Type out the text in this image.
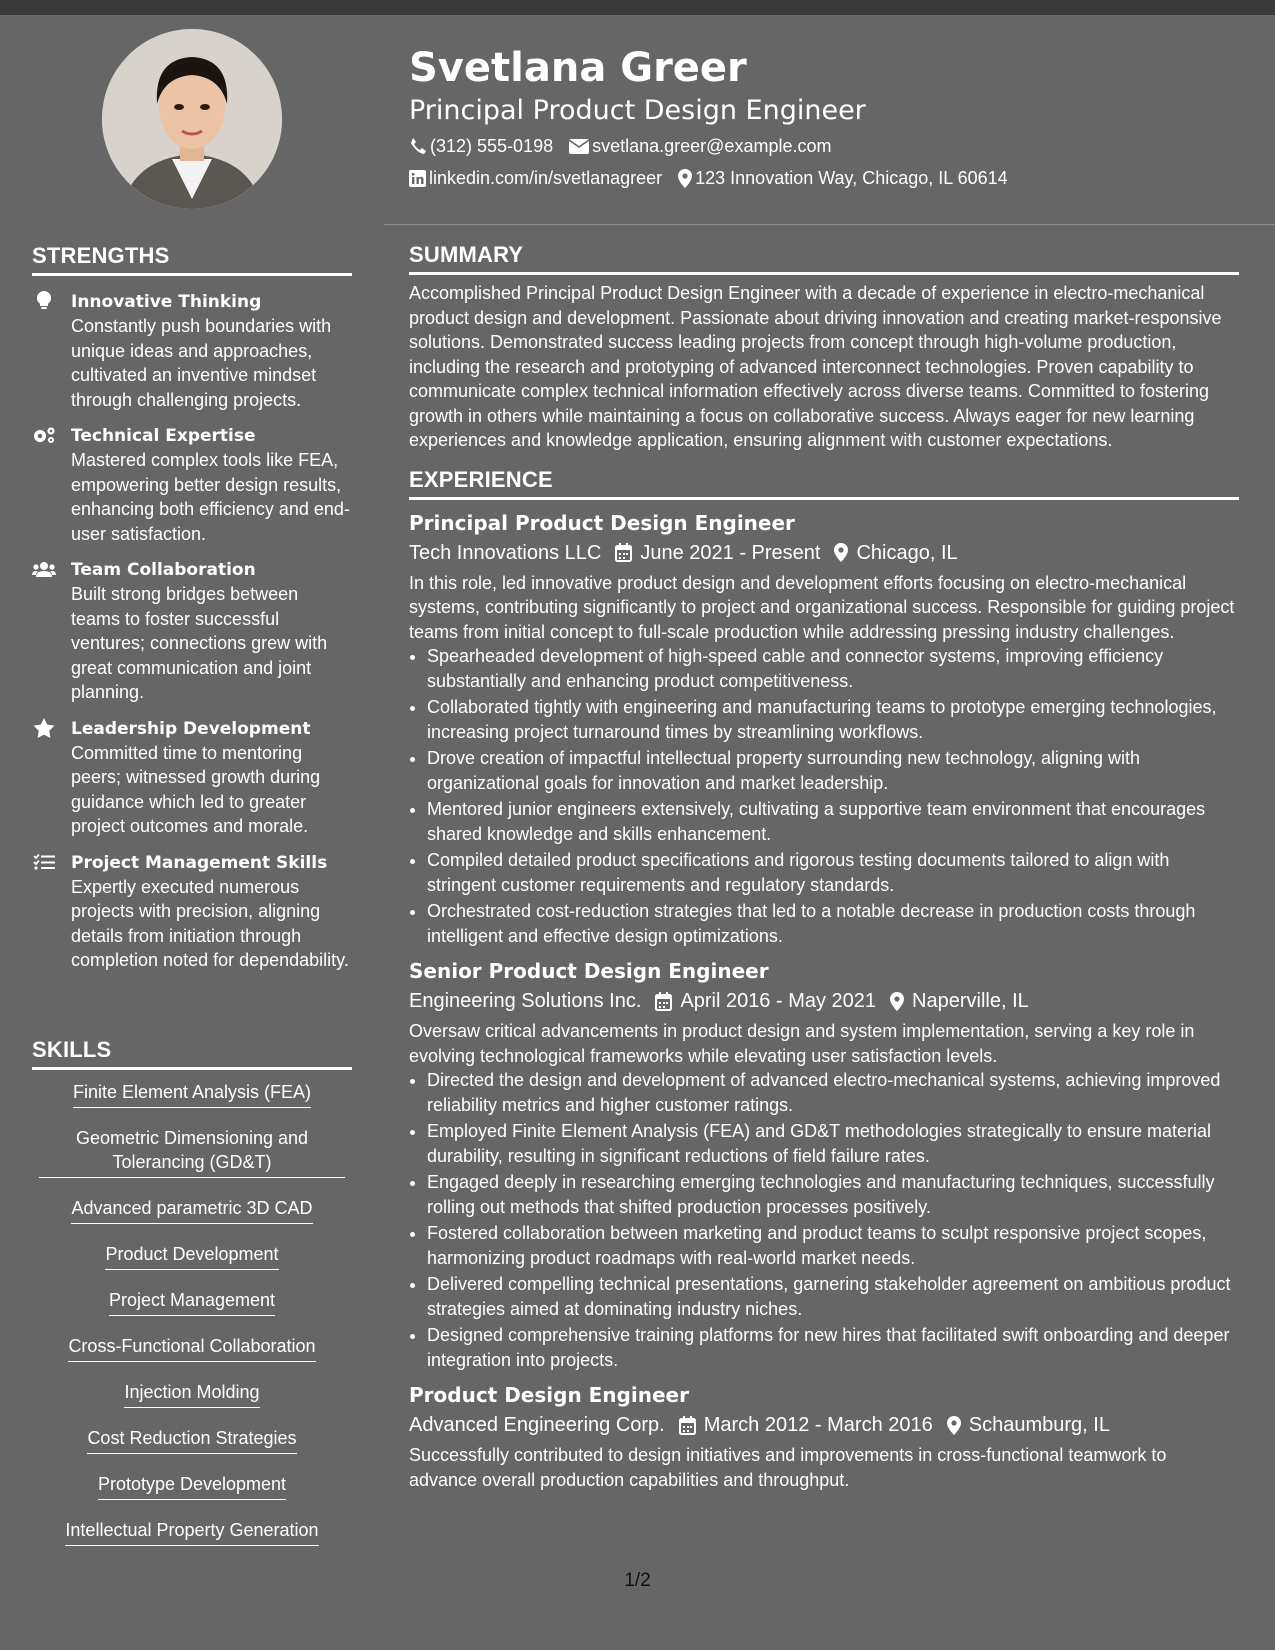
STRENGTHS
Innovative Thinking
Constantly push boundaries with unique ideas and approaches, cultivated an inventive mindset through challenging projects.
Technical Expertise
Mastered complex tools like FEA, empowering better design results, enhancing both efficiency and end-user satisfaction.
Team Collaboration
Built strong bridges between teams to foster successful ventures; connections grew with great communication and joint planning.
Leadership Development
Committed time to mentoring peers; witnessed growth during guidance which led to greater project outcomes and morale.
Project Management Skills
Expertly executed numerous projects with precision, aligning details from initiation through completion noted for dependability.
SKILLS
Finite Element Analysis (FEA)
Geometric Dimensioning and Tolerancing (GD&T)
Advanced parametric 3D CAD
Product Development
Project Management
Cross-Functional Collaboration
Injection Molding
Cost Reduction Strategies
Prototype Development
Intellectual Property Generation
Svetlana Greer
Principal Product Design Engineer
(312) 555-0198 svetlana.greer@example.com
linkedin.com/in/svetlanagreer 123 Innovation Way, Chicago, IL 60614
SUMMARY

Accomplished Principal Product Design Engineer with a decade of experience in electro-mechanical product design and development. Passionate about driving innovation and creating market-responsive solutions. Demonstrated success leading projects from concept through high-volume production, including the research and prototyping of advanced interconnect technologies. Proven capability to communicate complex technical information effectively across diverse teams. Committed to fostering growth in others while maintaining a focus on collaborative success. Always eager for new learning experiences and knowledge application, ensuring alignment with customer expectations.

EXPERIENCE
Principal Product Design Engineer
Tech Innovations LLC June 2021 - Present Chicago, IL

In this role, led innovative product design and development efforts focusing on electro-mechanical systems, contributing significantly to project and organizational success. Responsible for guiding project teams from initial concept to full-scale production while addressing pressing industry challenges.

• Spearheaded development of high-speed cable and connector systems, improving efficiency substantially and enhancing product competitiveness.
• Collaborated tightly with engineering and manufacturing teams to prototype emerging technologies, increasing project turnaround times by streamlining workflows.
• Drove creation of impactful intellectual property surrounding new technology, aligning with organizational goals for innovation and market leadership.
• Mentored junior engineers extensively, cultivating a supportive team environment that encourages shared knowledge and skills enhancement.
• Compiled detailed product specifications and rigorous testing documents tailored to align with stringent customer requirements and regulatory standards.
• Orchestrated cost-reduction strategies that led to a notable decrease in production costs through intelligent and effective design optimizations.
Senior Product Design Engineer
Engineering Solutions Inc. April 2016 - May 2021 Naperville, IL

Oversaw critical advancements in product design and system implementation, serving a key role in evolving technological frameworks while elevating user satisfaction levels.

• Directed the design and development of advanced electro-mechanical systems, achieving improved reliability metrics and higher customer ratings.
• Employed Finite Element Analysis (FEA) and GD&T methodologies strategically to ensure material durability, resulting in significant reductions of field failure rates.
• Engaged deeply in researching emerging technologies and manufacturing techniques, successfully rolling out methods that shifted production processes positively.
• Fostered collaboration between marketing and product teams to sculpt responsive project scopes, harmonizing product roadmaps with real-world market needs.
• Delivered compelling technical presentations, garnering stakeholder agreement on ambitious product strategies aimed at dominating industry niches.
• Designed comprehensive training platforms for new hires that facilitated swift onboarding and deeper integration into projects.
Product Design Engineer
Advanced Engineering Corp. March 2012 - March 2016 Schaumburg, IL

Successfully contributed to design initiatives and improvements in cross-functional teamwork to advance overall production capabilities and throughput.

1/2
